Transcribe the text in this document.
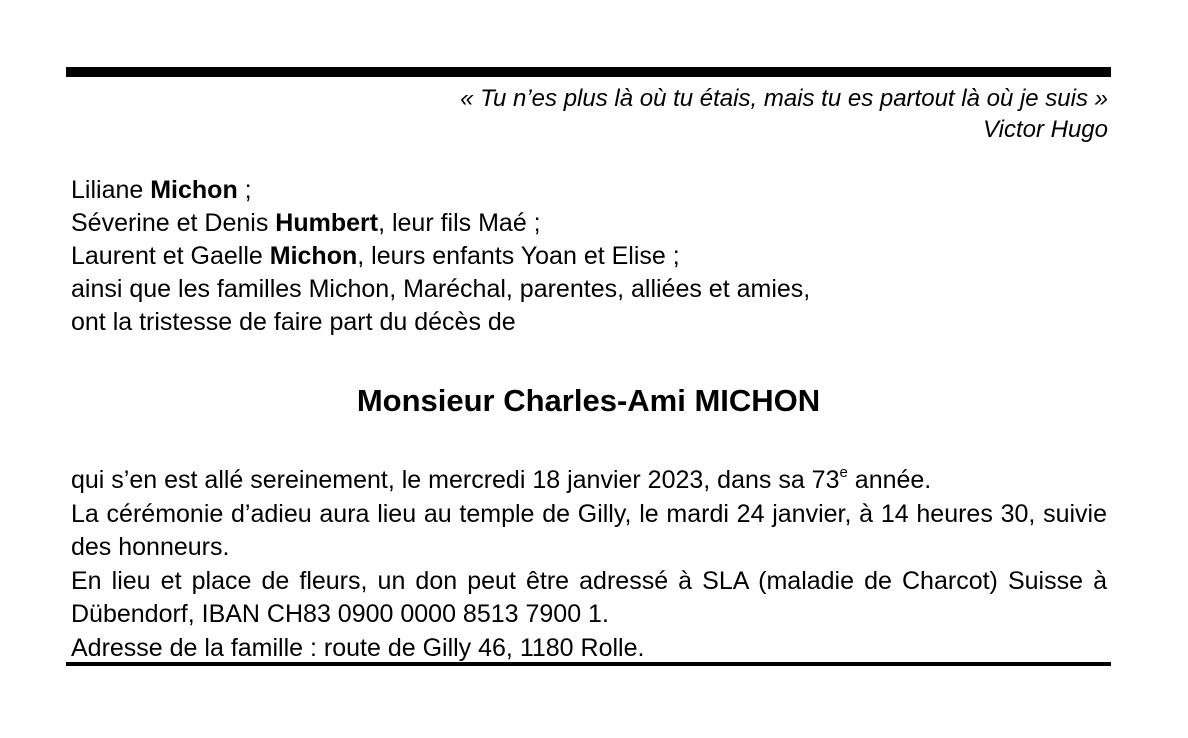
« Tu n’es plus là où tu étais, mais tu es partout là où je suis »
Victor Hugo
Liliane Michon ;
Séverine et Denis Humbert, leur fils Maé ;
Laurent et Gaelle Michon, leurs enfants Yoan et Elise ;
ainsi que les familles Michon, Maréchal, parentes, alliées et amies,
ont la tristesse de faire part du décès de
Monsieur Charles-Ami MICHON
qui s’en est allé sereinement, le mercredi 18 janvier 2023, dans sa 73e année.
La cérémonie d’adieu aura lieu au temple de Gilly, le mardi 24 janvier, à 14 heures 30, suivie des honneurs.
En lieu et place de fleurs, un don peut être adressé à SLA (maladie de Charcot) Suisse à Dübendorf, IBAN CH83 0900 0000 8513 7900 1.
Adresse de la famille : route de Gilly 46, 1180 Rolle.
